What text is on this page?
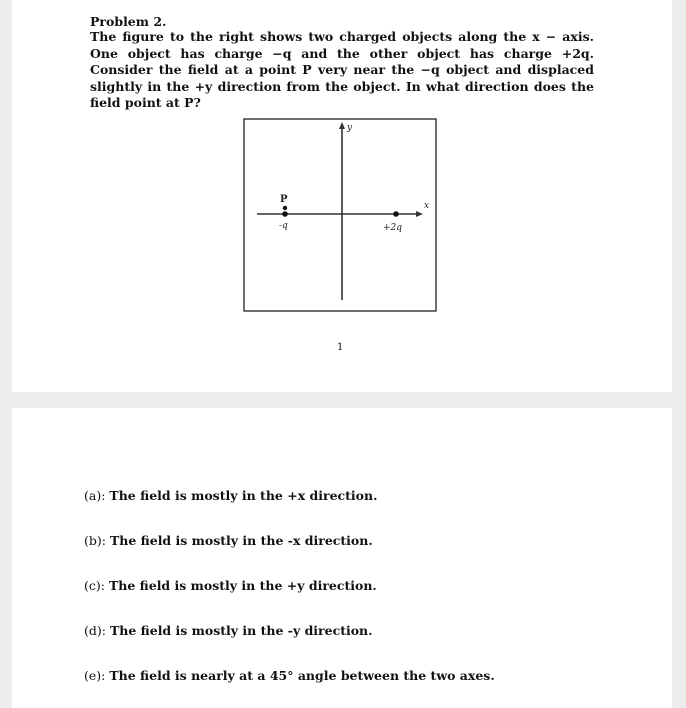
Problem 2.
The figure to the right shows two charged objects along the x − axis. One object has charge −q and the other object has charge +2q. Consider the field at a point P very near the −q object and displaced slightly in the +y direction from the object. In what direction does the field point at P?
y
x
P
-q	+2q
1
(a): The field is mostly in the +x direction.
(b): The field is mostly in the -x direction.
(c): The field is mostly in the +y direction.
(d): The field is mostly in the -y direction.
(e): The field is nearly at a 45° angle between the two axes.
